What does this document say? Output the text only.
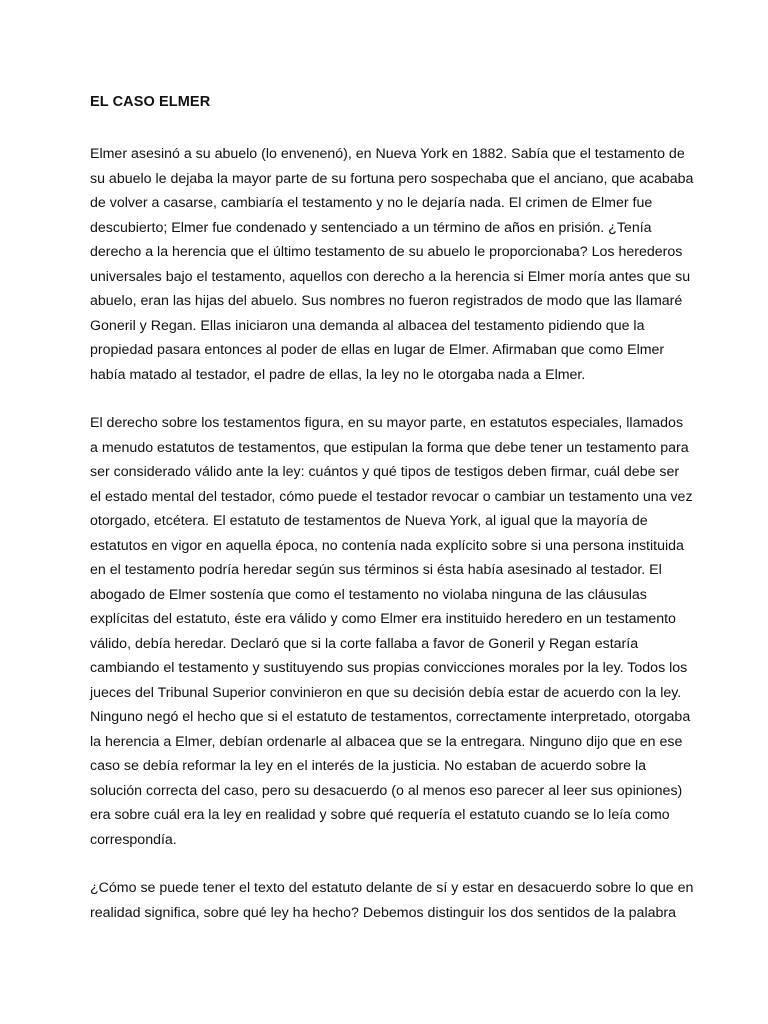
EL CASO ELMER
Elmer asesinó a su abuelo (lo envenenó), en Nueva York en 1882. Sabía que el testamento de
su abuelo le dejaba la mayor parte de su fortuna pero sospechaba que el anciano, que acababa
de volver a casarse, cambiaría el testamento y no le dejaría nada. El crimen de Elmer fue
descubierto; Elmer fue condenado y sentenciado a un término de años en prisión. ¿Tenía
derecho a la herencia que el último testamento de su abuelo le proporcionaba? Los herederos
universales bajo el testamento, aquellos con derecho a la herencia si Elmer moría antes que su
abuelo, eran las hijas del abuelo. Sus nombres no fueron registrados de modo que las llamaré
Goneril y Regan. Ellas iniciaron una demanda al albacea del testamento pidiendo que la
propiedad pasara entonces al poder de ellas en lugar de Elmer. Afirmaban que como Elmer
había matado al testador, el padre de ellas, la ley no le otorgaba nada a Elmer.
El derecho sobre los testamentos figura, en su mayor parte, en estatutos especiales, llamados
a menudo estatutos de testamentos, que estipulan la forma que debe tener un testamento para
ser considerado válido ante la ley: cuántos y qué tipos de testigos deben firmar, cuál debe ser
el estado mental del testador, cómo puede el testador revocar o cambiar un testamento una vez
otorgado, etcétera. El estatuto de testamentos de Nueva York, al igual que la mayoría de
estatutos en vigor en aquella época, no contenía nada explícito sobre si una persona instituida
en el testamento podría heredar según sus términos si ésta había asesinado al testador. El
abogado de Elmer sostenía que como el testamento no violaba ninguna de las cláusulas
explícitas del estatuto, éste era válido y como Elmer era instituido heredero en un testamento
válido, debía heredar. Declaró que si la corte fallaba a favor de Goneril y Regan estaría
cambiando el testamento y sustituyendo sus propias convicciones morales por la ley. Todos los
jueces del Tribunal Superior convinieron en que su decisión debía estar de acuerdo con la ley.
Ninguno negó el hecho que si el estatuto de testamentos, correctamente interpretado, otorgaba
la herencia a Elmer, debían ordenarle al albacea que se la entregara. Ninguno dijo que en ese
caso se debía reformar la ley en el interés de la justicia. No estaban de acuerdo sobre la
solución correcta del caso, pero su desacuerdo (o al menos eso parecer al leer sus opiniones)
era sobre cuál era la ley en realidad y sobre qué requería el estatuto cuando se lo leía como
correspondía.
¿Cómo se puede tener el texto del estatuto delante de sí y estar en desacuerdo sobre lo que en
realidad significa, sobre qué ley ha hecho? Debemos distinguir los dos sentidos de la palabra
